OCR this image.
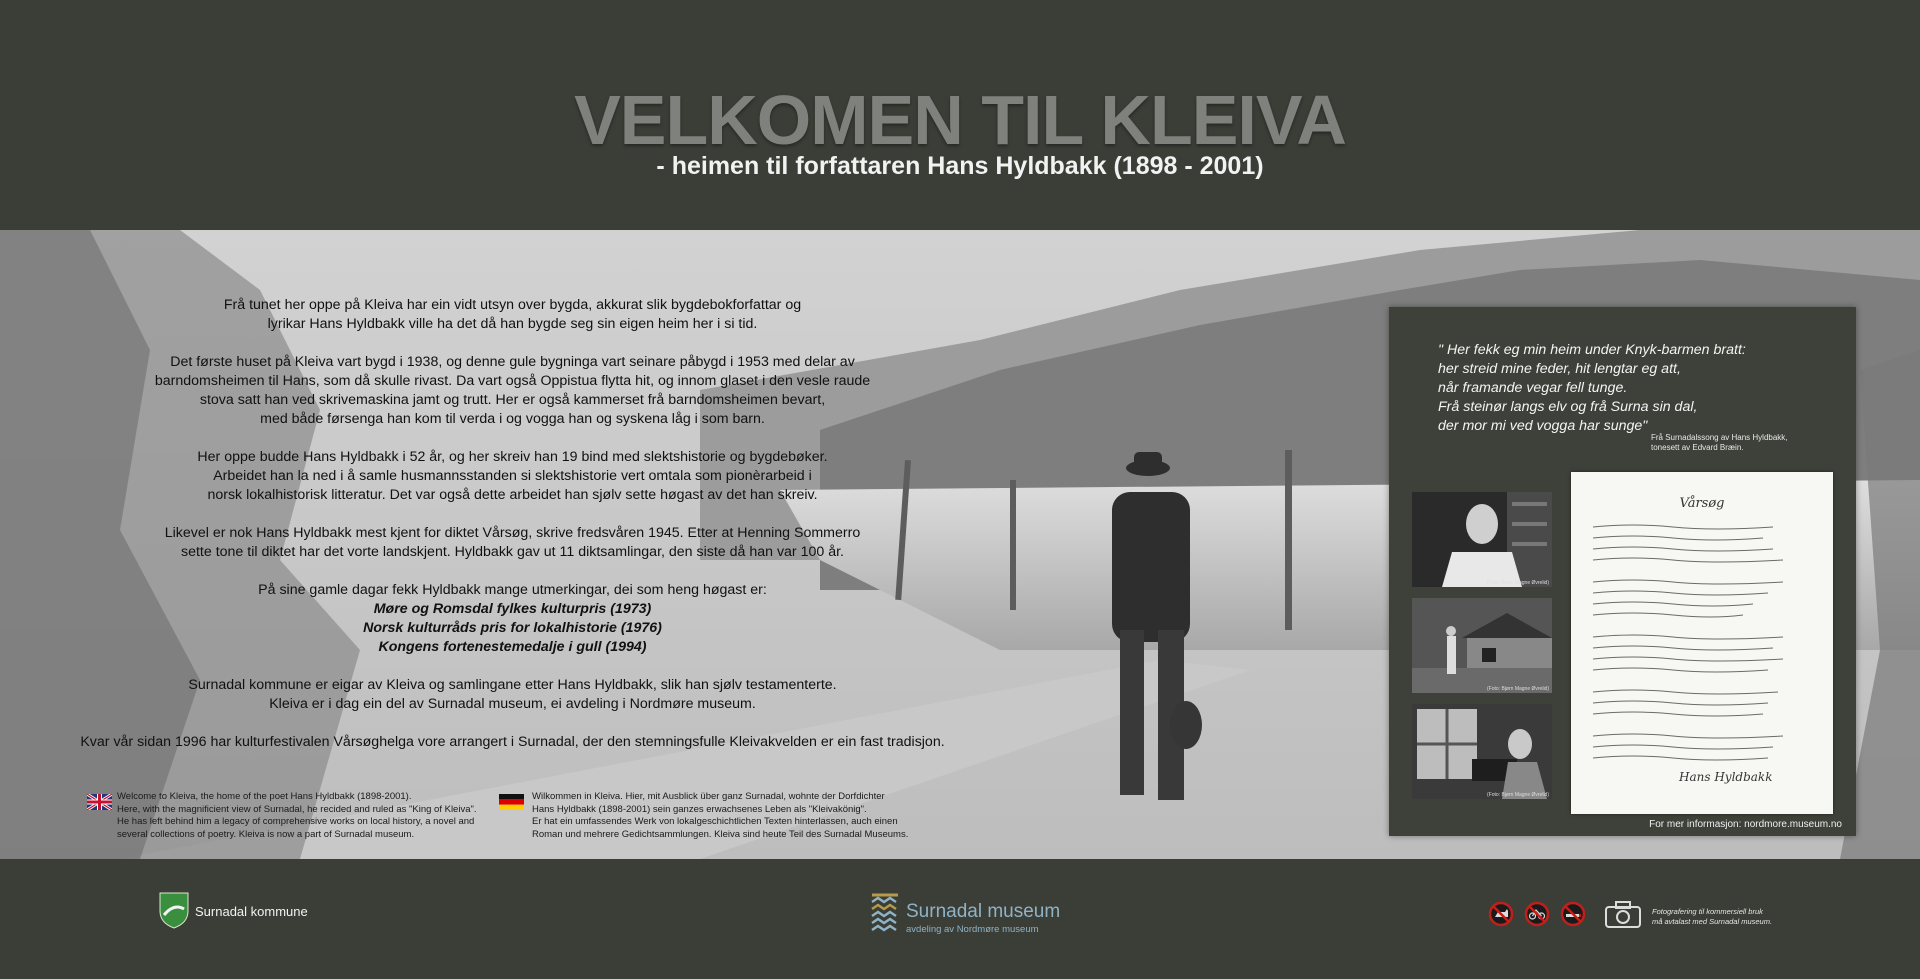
VELKOMEN TIL KLEIVA
- heimen til forfattaren Hans Hyldbakk (1898 - 2001)

Frå tunet her oppe på Kleiva har ein vidt utsyn over bygda, akkurat slik bygdebokforfattar og
lyrikar Hans Hyldbakk ville ha det då han bygde seg sin eigen heim her i si tid.

Det første huset på Kleiva vart bygd i 1938, og denne gule bygninga vart seinare påbygd i 1953 med delar av
barndomsheimen til Hans, som då skulle rivast. Da vart også Oppistua flytta hit, og innom glaset i den vesle raude
stova satt han ved skrivemaskina jamt og trutt. Her er også kammerset frå barndomsheimen bevart,
med både førsenga han kom til verda i og vogga han og syskena låg i som barn.

Her oppe budde Hans Hyldbakk i 52 år, og her skreiv han 19 bind med slektshistorie og bygdebøker.
Arbeidet han la ned i å samle husmannsstanden si slektshistorie vert omtala som pionèrarbeid i
norsk lokalhistorisk litteratur. Det var også dette arbeidet han sjølv sette høgast av det han skreiv.

Likevel er nok Hans Hyldbakk mest kjent for diktet Vårsøg, skrive fredsvåren 1945. Etter at Henning Sommerro
sette tone til diktet har det vorte landskjent. Hyldbakk gav ut 11 diktsamlingar, den siste då han var 100 år.

På sine gamle dagar fekk Hyldbakk mange utmerkingar, dei som heng høgast er:
Møre og Romsdal fylkes kulturpris (1973)
Norsk kulturråds pris for lokalhistorie (1976)
Kongens fortenestemedalje i gull (1994)

Surnadal kommune er eigar av Kleiva og samlingane etter Hans Hyldbakk, slik han sjølv testamenterte.
Kleiva er i dag ein del av Surnadal museum, ei avdeling i Nordmøre museum.

Kvar vår sidan 1996 har kulturfestivalen Vårsøghelga vore arrangert i Surnadal, der den stemningsfulle Kleivakvelden er ein fast tradisjon.

Welcome to Kleiva, the home of the poet Hans Hyldbakk (1898-2001).
Here, with the magnificient view of Surnadal, he recided and ruled as "King of Kleiva".
He has left behind him a legacy of comprehensive works on local history, a novel and
several collections of poetry. Kleiva is now a part of Surnadal museum.
Wilkommen in Kleiva. Hier, mit Ausblick über ganz Surnadal, wohnte der Dorfdichter
Hans Hyldbakk (1898-2001) sein ganzes erwachsenes Leben als "Kleivakönig".
Er hat ein umfassendes Werk von lokalgeschichtlichen Texten hinterlassen, auch einen
Roman und mehrere Gedichtsammlungen. Kleiva sind heute Teil des Surnadal Museums.
" Her fekk eg min heim under Knyk-barmen bratt:
her streid mine feder, hit lengtar eg att,
når framande vegar fell tunge.
Frå steinør langs elv og frå Surna sin dal,
der mor mi ved vogga har sunge"
Frå Surnadalssong av Hans Hyldbakk,
tonesett av Edvard Bræin.
(Foto: Bjørn Magne Øvrelid)
(Foto: Bjørn Magne Øvrelid)
(Foto: Bjørn Magne Øvrelid)
Vårsøg
Hans Hyldbakk
For mer informasjon: nordmore.museum.no
Surnadal kommune	Surnadal museum
avdeling av Nordmøre museum
Fotografering til kommersiell bruk
må avtalast med Surnadal museum.
